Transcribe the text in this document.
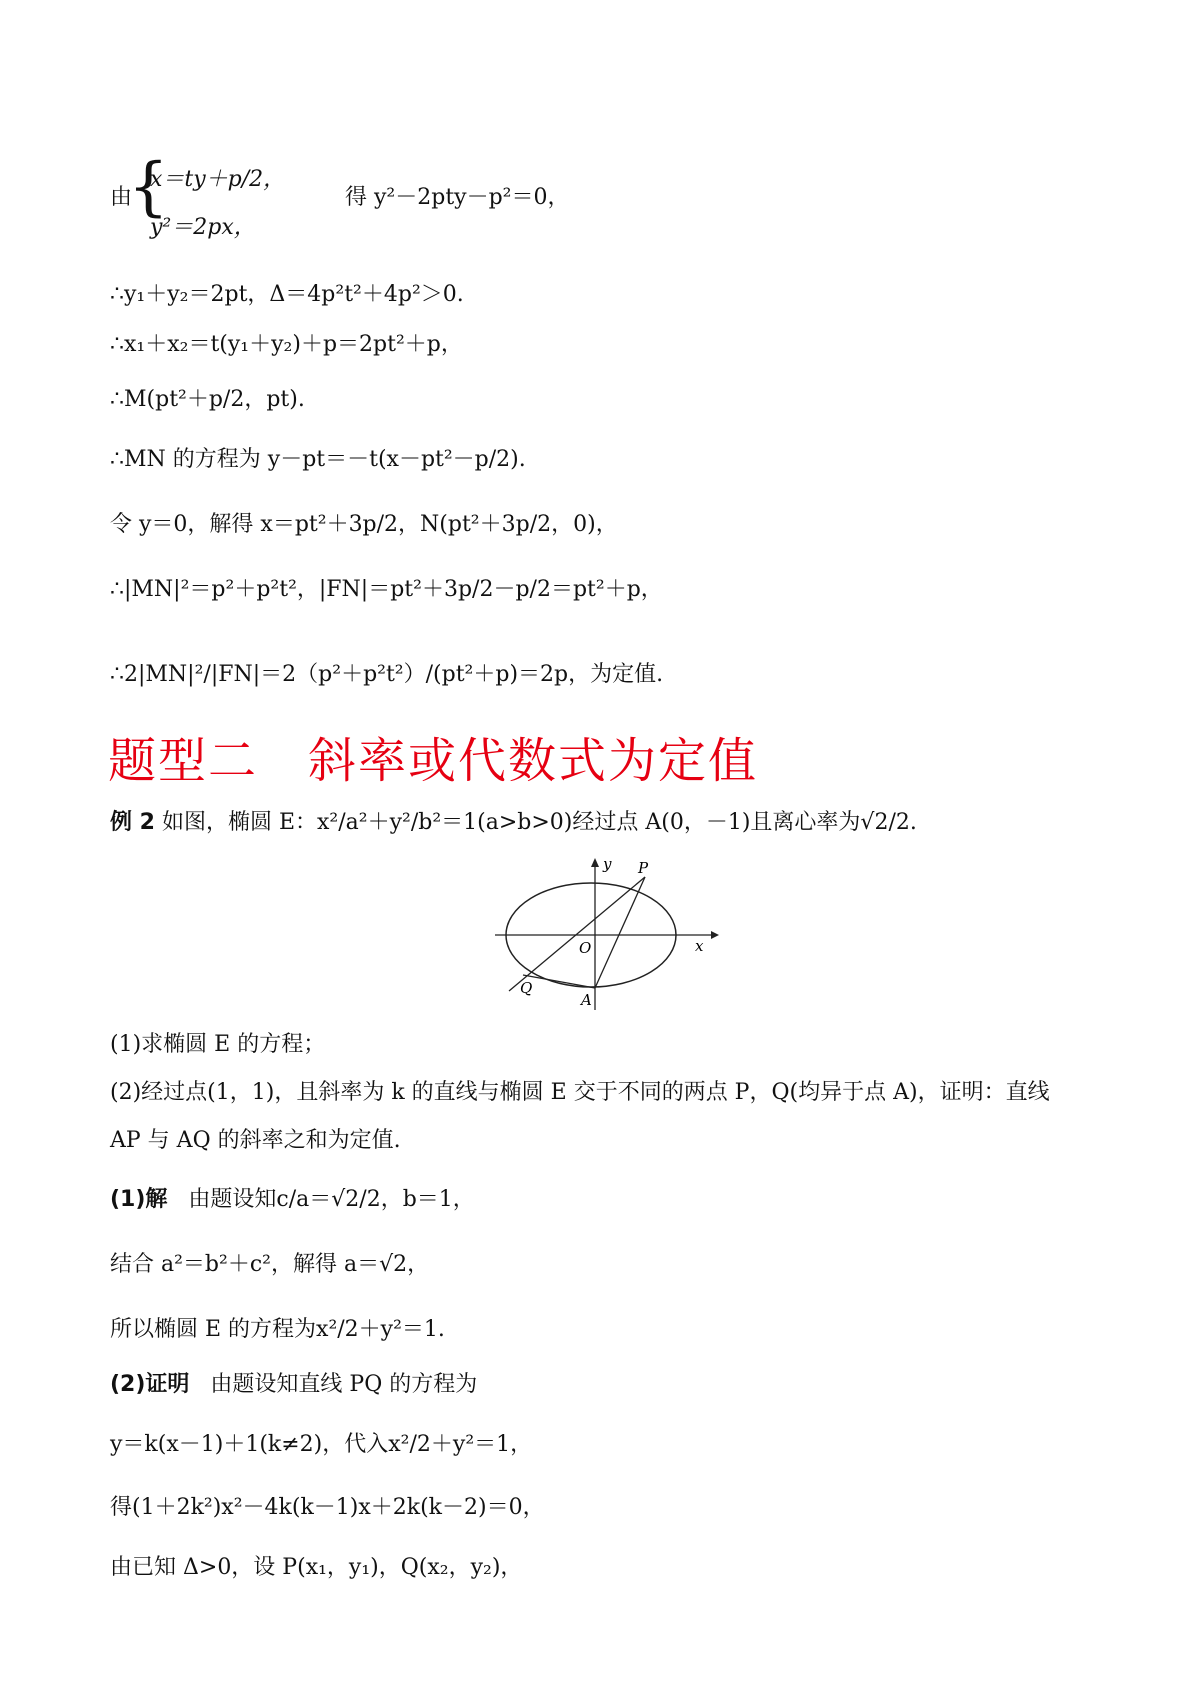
由
{
x＝ty＋p/2，
y²＝2px，
得 y²－2pty－p²＝0，
∴y₁＋y₂＝2pt，Δ＝4p²t²＋4p²＞0.
∴x₁＋x₂＝t(y₁＋y₂)＋p＝2pt²＋p，
∴M(pt²＋p/2，pt).
∴MN 的方程为 y－pt＝－t(x－pt²－p/2).
令 y＝0，解得 x＝pt²＋3p/2，N(pt²＋3p/2，0)，
∴|MN|²＝p²＋p²t²，|FN|＝pt²＋3p/2－p/2＝pt²＋p，
∴2|MN|²/|FN|＝2（p²＋p²t²）/(pt²＋p)＝2p，为定值.
题型二　斜率或代数式为定值
例 2 如图，椭圆 E：x²/a²＋y²/b²＝1(a>b>0)经过点 A(0，－1)且离心率为√2/2.
y
x
P
O
Q
A
(1)求椭圆 E 的方程；
(2)经过点(1，1)，且斜率为 k 的直线与椭圆 E 交于不同的两点 P，Q(均异于点 A)，证明：直线
AP 与 AQ 的斜率之和为定值.
(1)解 由题设知c/a＝√2/2，b＝1，
结合 a²＝b²＋c²，解得 a＝√2，
所以椭圆 E 的方程为x²/2＋y²＝1.
(2)证明 由题设知直线 PQ 的方程为
y＝k(x－1)＋1(k≠2)，代入x²/2＋y²＝1，
得(1＋2k²)x²－4k(k－1)x＋2k(k－2)＝0，
由已知 Δ>0，设 P(x₁，y₁)，Q(x₂，y₂)，
